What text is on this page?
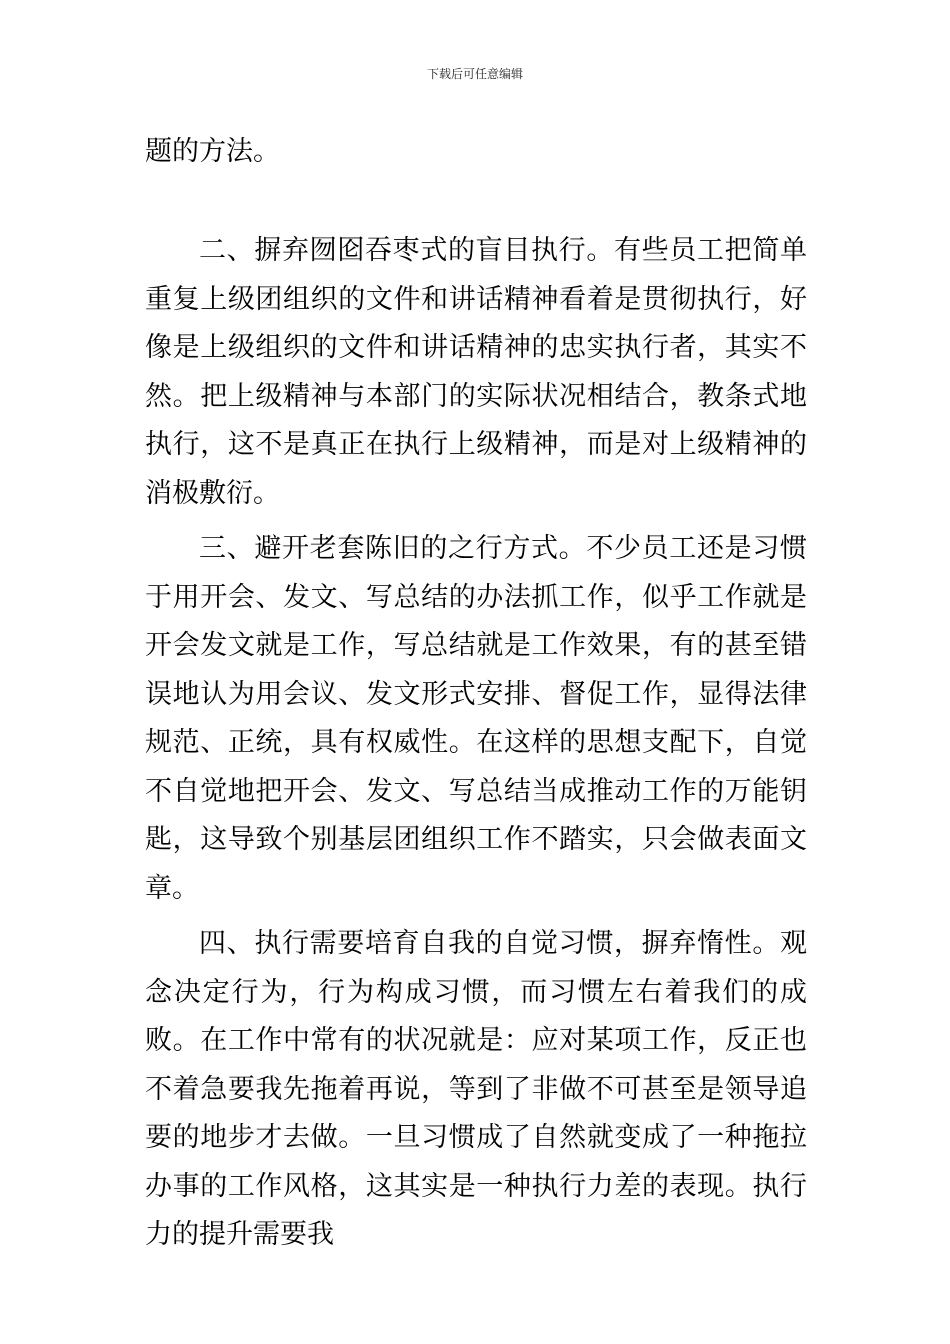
下载后可任意编辑

题的方法。

二、摒弃囫囵吞枣式的盲目执行。有些员工把简单重复上级团组织的文件和讲话精神看着是贯彻执行，好像是上级组织的文件和讲话精神的忠实执行者，其实不然。把上级精神与本部门的实际状况相结合，教条式地执行，这不是真正在执行上级精神，而是对上级精神的消极敷衍。

三、避开老套陈旧的之行方式。不少员工还是习惯于用开会、发文、写总结的办法抓工作，似乎工作就是开会发文就是工作，写总结就是工作效果，有的甚至错误地认为用会议、发文形式安排、督促工作，显得法律规范、正统，具有权威性。在这样的思想支配下，自觉不自觉地把开会、发文、写总结当成推动工作的万能钥匙，这导致个别基层团组织工作不踏实，只会做表面文章。

四、执行需要培育自我的自觉习惯，摒弃惰性。观念决定行为，行为构成习惯，而习惯左右着我们的成败。在工作中常有的状况就是：应对某项工作，反正也不着急要我先拖着再说，等到了非做不可甚至是领导追要的地步才去做。一旦习惯成了自然就变成了一种拖拉办事的工作风格，这其实是一种执行力差的表现。执行力的提升需要我
